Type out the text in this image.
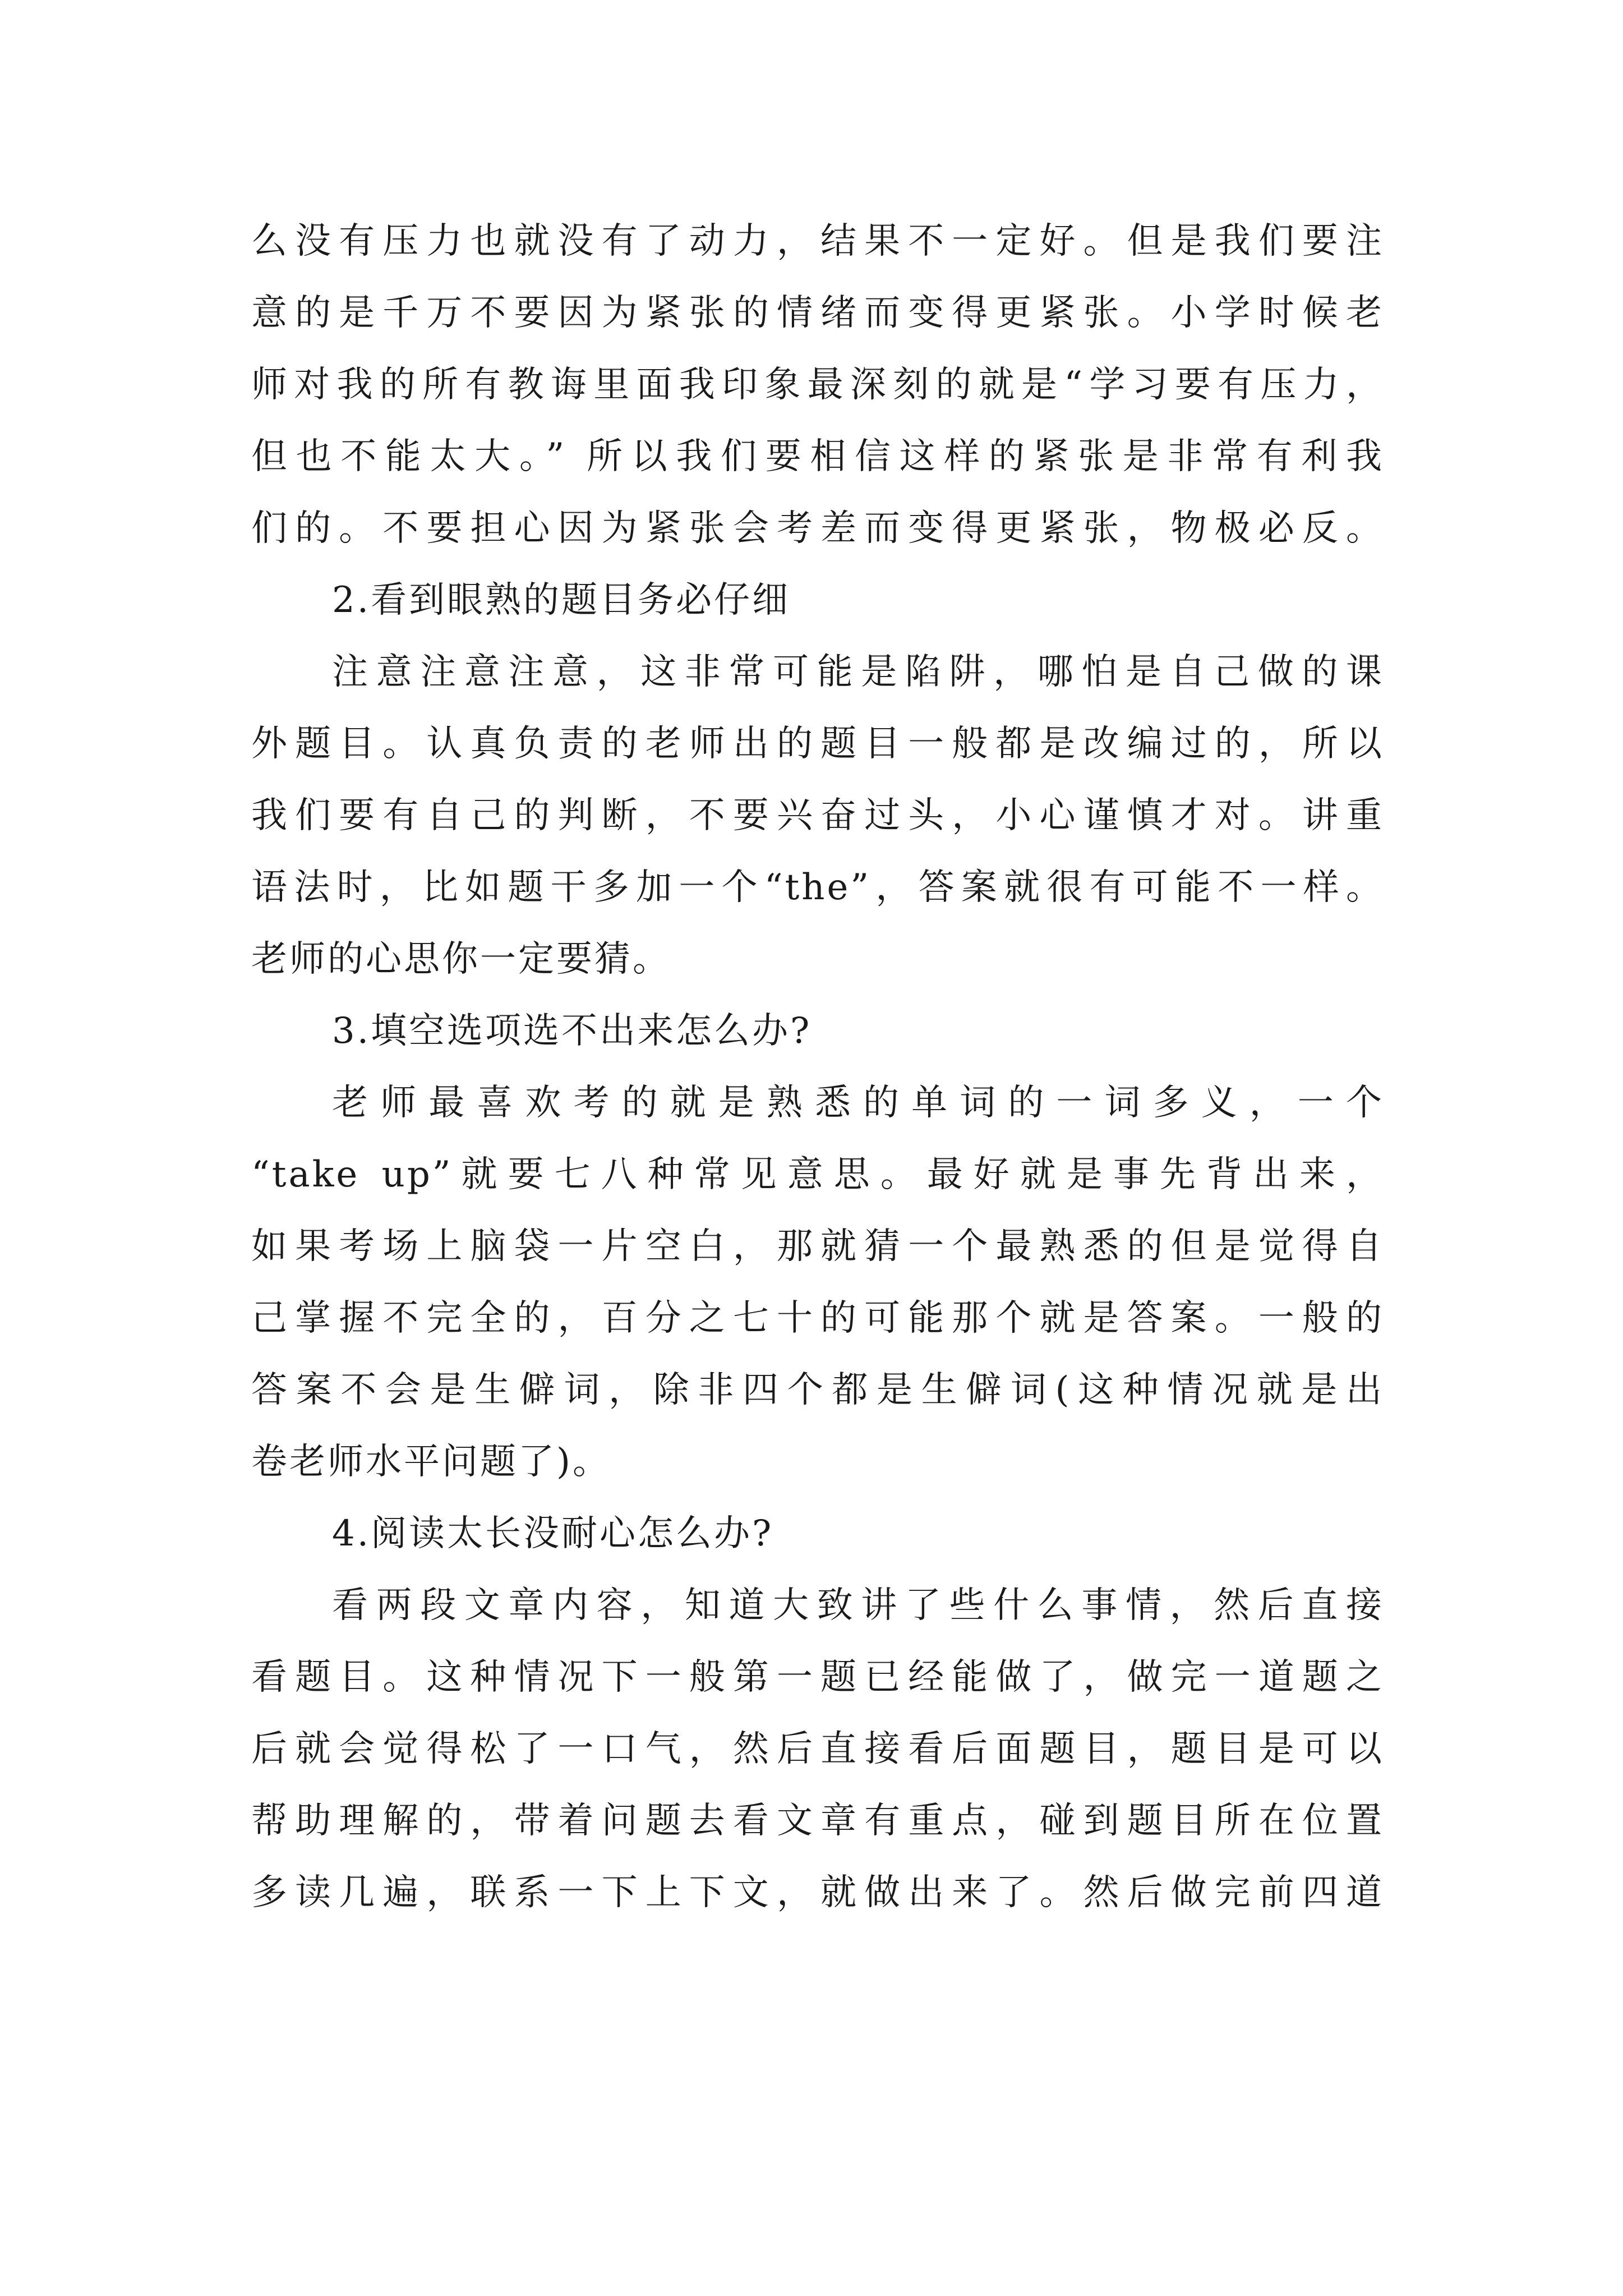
么没有压力也就没有了动力，结果不一定好。但是我们要注

意的是千万不要因为紧张的情绪而变得更紧张。小学时候老

师对我的所有教诲里面我印象最深刻的就是“学习要有压力，

但也不能太大。” 所以我们要相信这样的紧张是非常有利我

们的。不要担心因为紧张会考差而变得更紧张，物极必反。

2.看到眼熟的题目务必仔细

注意注意注意，这非常可能是陷阱，哪怕是自己做的课

外题目。认真负责的老师出的题目一般都是改编过的，所以

我们要有自己的判断，不要兴奋过头，小心谨慎才对。讲重

语法时，比如题干多加一个“the”，答案就很有可能不一样。

老师的心思你一定要猜。

3.填空选项选不出来怎么办?

老师最喜欢考的就是熟悉的单词的一词多义，一个

“take up”就要七八种常见意思。最好就是事先背出来，

如果考场上脑袋一片空白，那就猜一个最熟悉的但是觉得自

己掌握不完全的，百分之七十的可能那个就是答案。一般的

答案不会是生僻词，除非四个都是生僻词(这种情况就是出

卷老师水平问题了)。

4.阅读太长没耐心怎么办?

看两段文章内容，知道大致讲了些什么事情，然后直接

看题目。这种情况下一般第一题已经能做了，做完一道题之

后就会觉得松了一口气，然后直接看后面题目，题目是可以

帮助理解的，带着问题去看文章有重点，碰到题目所在位置

多读几遍，联系一下上下文，就做出来了。然后做完前四道
